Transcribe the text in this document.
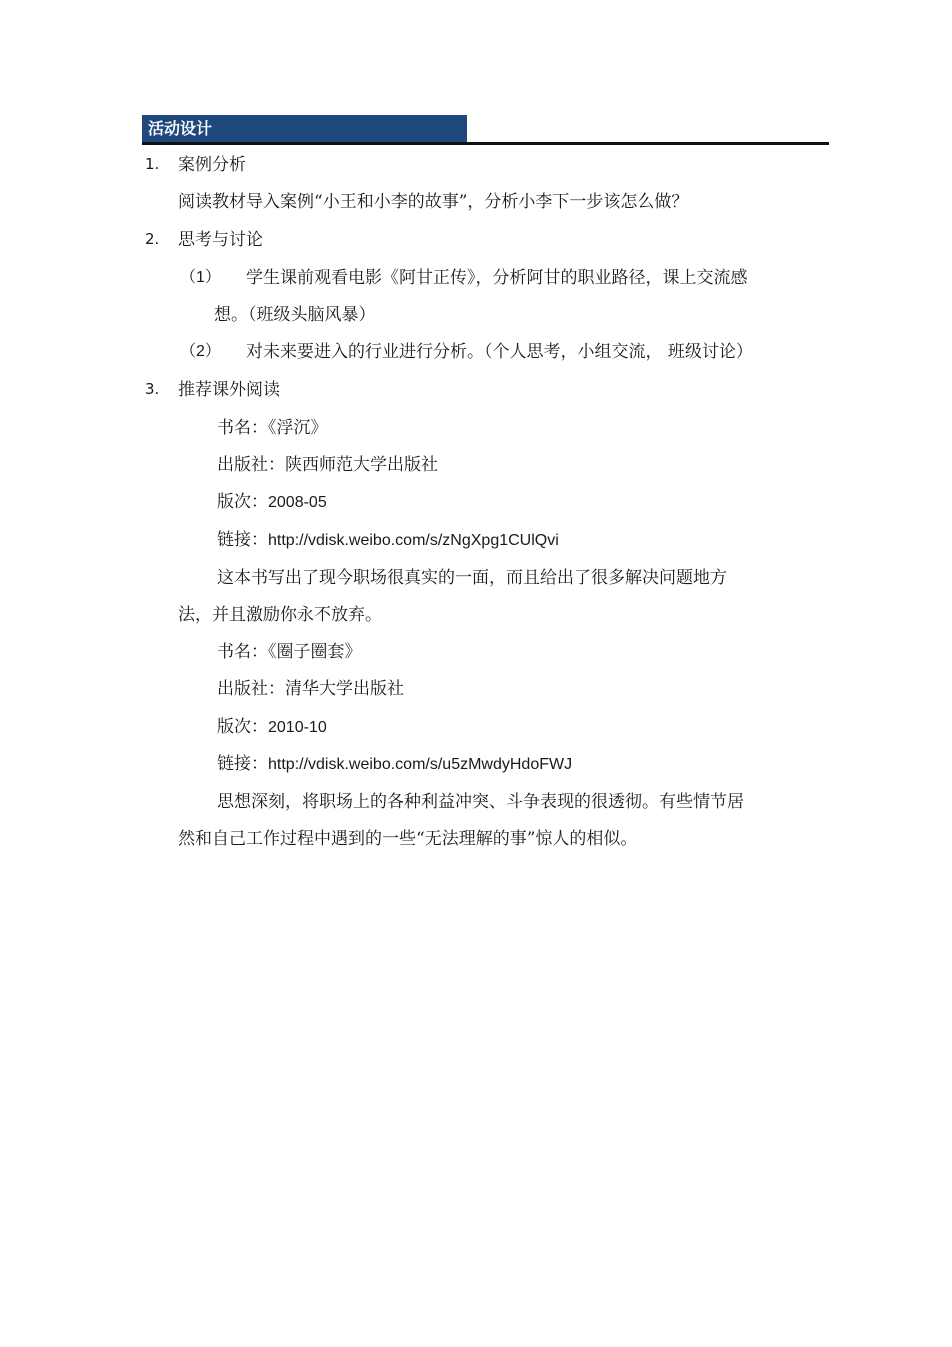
活动设计
1. 案例分析
阅读教材导入案例“小王和小李的故事”，分析小李下一步该怎么做？
2. 思考与讨论
（1） 学生课前观看电影《阿甘正传》，分析阿甘的职业路径，课上交流感
想。（班级头脑风暴）
（2） 对未来要进入的行业进行分析。（个人思考，小组交流， 班级讨论）
3. 推荐课外阅读
书名：《浮沉》
出版社：陕西师范大学出版社
版次：2008-05
链接：http://vdisk.weibo.com/s/zNgXpg1CUlQvi
这本书写出了现今职场很真实的一面，而且给出了很多解决问题地方
法，并且激励你永不放弃。
书名：《圈子圈套》
出版社：清华大学出版社
版次：2010-10
链接：http://vdisk.weibo.com/s/u5zMwdyHdoFWJ
思想深刻，将职场上的各种利益冲突、斗争表现的很透彻。有些情节居
然和自己工作过程中遇到的一些“无法理解的事”惊人的相似。
